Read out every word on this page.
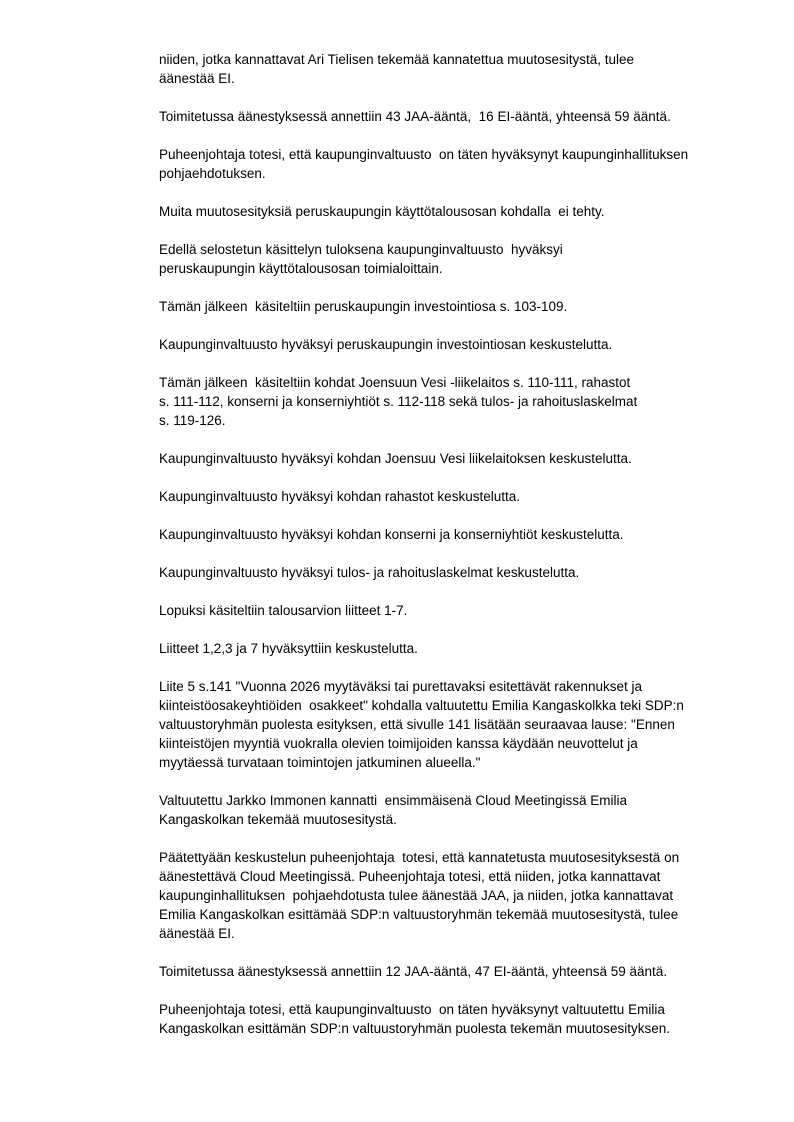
niiden, jotka kannattavat Ari Tielisen tekemää kannatettua muutosesitystä, tulee
äänestää EI.

Toimitetussa äänestyksessä annettiin 43 JAA-ääntä,  16 EI-ääntä, yhteensä 59 ääntä.

Puheenjohtaja totesi, että kaupunginvaltuusto  on täten hyväksynyt kaupunginhallituksen
pohjaehdotuksen.

Muita muutosesityksiä peruskaupungin käyttötalousosan kohdalla  ei tehty.

Edellä selostetun käsittelyn tuloksena kaupunginvaltuusto  hyväksyi
peruskaupungin käyttötalousosan toimialoittain.

Tämän jälkeen  käsiteltiin peruskaupungin investointiosa s. 103-109.

Kaupunginvaltuusto hyväksyi peruskaupungin investointiosan keskustelutta.

Tämän jälkeen  käsiteltiin kohdat Joensuun Vesi -liikelaitos s. 110-111, rahastot
s. 111-112, konserni ja konserniyhtiöt s. 112-118 sekä tulos- ja rahoituslaskelmat
s. 119-126.

Kaupunginvaltuusto hyväksyi kohdan Joensuu Vesi liikelaitoksen keskustelutta.

Kaupunginvaltuusto hyväksyi kohdan rahastot keskustelutta.

Kaupunginvaltuusto hyväksyi kohdan konserni ja konserniyhtiöt keskustelutta.

Kaupunginvaltuusto hyväksyi tulos- ja rahoituslaskelmat keskustelutta.

Lopuksi käsiteltiin talousarvion liitteet 1-7.

Liitteet 1,2,3 ja 7 hyväksyttiin keskustelutta.

Liite 5 s.141 "Vuonna 2026 myytäväksi tai purettavaksi esitettävät rakennukset ja
kiinteistöosakeyhtiöiden  osakkeet" kohdalla valtuutettu Emilia Kangaskolkka teki SDP:n
valtuustoryhmän puolesta esityksen, että sivulle 141 lisätään seuraavaa lause: "Ennen
kiinteistöjen myyntiä vuokralla olevien toimijoiden kanssa käydään neuvottelut ja
myytäessä turvataan toimintojen jatkuminen alueella."

Valtuutettu Jarkko Immonen kannatti  ensimmäisenä Cloud Meetingissä Emilia
Kangaskolkan tekemää muutosesitystä.

Päätettyään keskustelun puheenjohtaja  totesi, että kannatetusta muutosesityksestä on
äänestettävä Cloud Meetingissä. Puheenjohtaja totesi, että niiden, jotka kannattavat
kaupunginhallituksen  pohjaehdotusta tulee äänestää JAA, ja niiden, jotka kannattavat
Emilia Kangaskolkan esittämää SDP:n valtuustoryhmän tekemää muutosesitystä, tulee
äänestää EI.

Toimitetussa äänestyksessä annettiin 12 JAA-ääntä, 47 EI-ääntä, yhteensä 59 ääntä.

Puheenjohtaja totesi, että kaupunginvaltuusto  on täten hyväksynyt valtuutettu Emilia
Kangaskolkan esittämän SDP:n valtuustoryhmän puolesta tekemän muutosesityksen.
